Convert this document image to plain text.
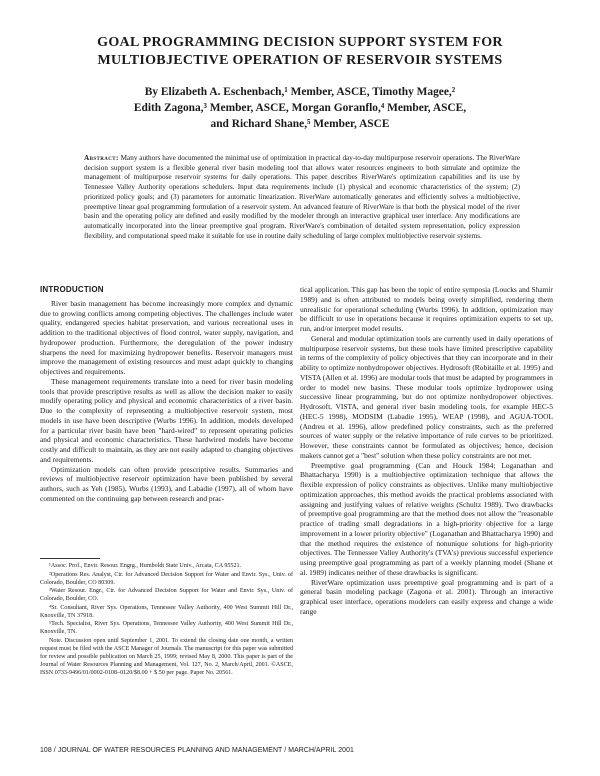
GOAL PROGRAMMING DECISION SUPPORT SYSTEM FOR
MULTIOBJECTIVE OPERATION OF RESERVOIR SYSTEMS
By Elizabeth A. Eschenbach,¹ Member, ASCE, Timothy Magee,²
Edith Zagona,³ Member, ASCE, Morgan Goranflo,⁴ Member, ASCE,
and Richard Shane,⁵ Member, ASCE
Abstract: Many authors have documented the minimal use of optimization in practical day-to-day multipurpose reservoir operations. The RiverWare decision support system is a flexible general river basin modeling tool that allows water resources engineers to both simulate and optimize the management of multipurpose reservoir systems for daily operations. This paper describes RiverWare's optimization capabilities and its use by Tennessee Valley Authority operations schedulers. Input data requirements include (1) physical and economic characteristics of the system; (2) prioritized policy goals; and (3) parameters for automatic linearization. RiverWare automatically generates and efficiently solves a multiobjective, preemptive linear goal programming formulation of a reservoir system. An advanced feature of RiverWare is that both the physical model of the river basin and the operating policy are defined and easily modified by the modeler through an interactive graphical user interface. Any modifications are automatically incorporated into the linear preemptive goal program. RiverWare's combination of detailed system representation, policy expression flexibility, and computational speed make it suitable for use in routine daily scheduling of large complex multiobjective reservoir systems.
INTRODUCTION

River basin management has become increasingly more complex and dynamic due to growing conflicts among competing objectives. The challenges include water quality, endangered species habitat preservation, and various recreational uses in addition to the traditional objectives of flood control, water supply, navigation, and hydropower production. Furthermore, the deregulation of the power industry sharpens the need for maximizing hydropower benefits. Reservoir managers must improve the management of existing resources and must adapt quickly to changing objectives and requirements.

These management requirements translate into a need for river basin modeling tools that provide prescriptive results as well as allow the decision maker to easily modify operating policy and physical and economic characteristics of a river basin. Due to the complexity of representing a multiobjective reservoir system, most models in use have been descriptive (Wurbs 1996). In addition, models developed for a particular river basin have been "hard-wired" to represent operating policies and physical and economic characteristics. These hardwired models have become costly and difficult to maintain, as they are not easily adapted to changing objectives and requirements.

Optimization models can often provide prescriptive results. Summaries and reviews of multiobjective reservoir optimization have been published by several authors, such as Yeh (1985), Wurbs (1993), and Labadie (1997), all of whom have commented on the continuing gap between research and prac-

¹Assoc. Prof., Envir. Resour. Engrg., Humboldt State Univ., Arcata, CA 95521.

²Operations Res. Analyst, Ctr. for Advanced Decision Support for Water and Envir. Sys., Univ. of Colorado, Boulder, CO 80309.

³Water Resour. Engr., Ctr. for Advanced Decision Support for Water and Envir. Sys., Univ. of Colorado, Boulder, CO.

⁴Sr. Consultant, River Sys. Operations, Tennessee Valley Authority, 400 West Summit Hill Dr., Knoxville, TN 37918.

⁵Tech. Specialist, River Sys. Operations, Tennessee Valley Authority, 400 West Summit Hill Dr., Knoxville, TN.

Note. Discussion open until September 1, 2001. To extend the closing date one month, a written request must be filed with the ASCE Manager of Journals. The manuscript for this paper was submitted for review and possible publication on March 25, 1999; revised May 8, 2000. This paper is part of the Journal of Water Resources Planning and Management, Vol. 127, No. 2, March/April, 2001. ©ASCE, ISSN 0733-9496/01/0002-0108–0120/$8.00 + $.50 per page. Paper No. 20561.

tical application. This gap has been the topic of entire symposia (Loucks and Shamir 1989) and is often attributed to models being overly simplified, rendering them unrealistic for operational scheduling (Wurbs 1996). In addition, optimization may be difficult to use in operations because it requires optimization experts to set up, run, and/or interpret model results.

General and modular optimization tools are currently used in daily operations of multipurpose reservoir systems, but these tools have limited prescriptive capability in terms of the complexity of policy objectives that they can incorporate and in their ability to optimize nonhydropower objectives. Hydrosoft (Robitaille et al. 1995) and VISTA (Allen et al. 1996) are modular tools that must be adapted by programmers in order to model new basins. These modular tools optimize hydropower using successive linear programming, but do not optimize nonhydropower objectives. Hydrosoft, VISTA, and general river basin modeling tools, for example HEC-5 (HEC-5 1998), MODSIM (Labadie 1995), WEAP (1998), and AGUA-TOOL (Andreu et al. 1996), allow predefined policy constraints, such as the preferred sources of water supply or the relative importance of rule curves to be prioritized. However, these constraints cannot be formulated as objectives; hence, decision makers cannot get a "best" solution when these policy constraints are not met.

Preemptive goal programming (Can and Houck 1984; Loganathan and Bhattacharya 1990) is a multiobjective optimization technique that allows the flexible expression of policy constraints as objectives. Unlike many multiobjective optimization approaches, this method avoids the practical problems associated with assigning and justifying values of relative weights (Schultz 1989). Two drawbacks of preemptive goal programming are that the method does not allow the "reasonable practice of trading small degradations in a high-priority objective for a large improvement in a lower priority objective" (Loganathan and Bhattacharya 1990) and that the method requires the existence of nonunique solutions for high-priority objectives. The Tennessee Valley Authority's (TVA's) previous successful experience using preemptive goal programming as part of a weekly planning model (Shane et al. 1989) indicates neither of these drawbacks is significant.

RiverWare optimization uses preemptive goal programming and is part of a general basin modeling package (Zagona et al. 2001). Through an interactive graphical user interface, operations modelers can easily express and change a wide range

108 / JOURNAL OF WATER RESOURCES PLANNING AND MANAGEMENT / MARCH/APRIL 2001
